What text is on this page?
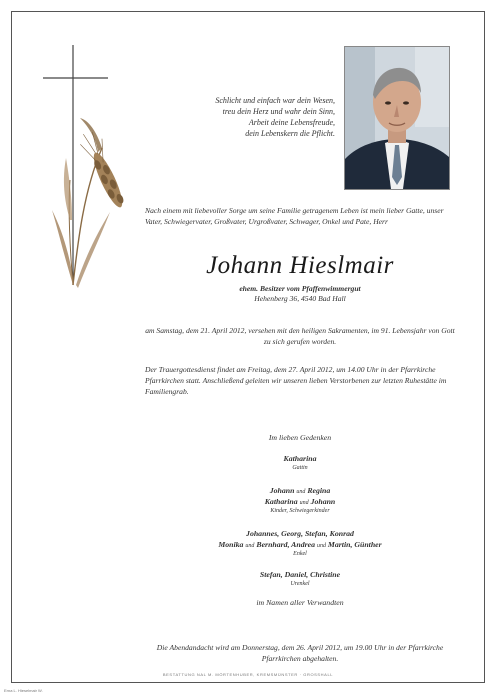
Schlicht und einfach war dein Wesen,
treu dein Herz und wahr dein Sinn,
Arbeit deine Lebensfreude,
dein Lebenskern die Pflicht.
Nach einem mit liebevoller Sorge um seine Familie getragenem Leben ist mein lieber Gatte, unser Vater, Schwiegervater, Großvater, Urgroßvater, Schwager, Onkel und Pate, Herr
Johann Hieslmair
ehem. Besitzer vom Pfaffenwimmergut
Hehenberg 36, 4540 Bad Hall
am Samstag, dem 21. April 2012, versehen mit den heiligen Sakramenten, im 91. Lebensjahr von Gott zu sich gerufen worden.
Der Trauergottesdienst findet am Freitag, dem 27. April 2012, um 14.00 Uhr in der Pfarrkirche Pfarrkirchen statt. Anschließend geleiten wir unseren lieben Verstorbenen zur letzten Ruhestätte im Familiengrab.
Im lieben Gedenken
Katharina
Gattin
Johann und Regina
Katharina und Johann
Kinder, Schwiegerkinder
Johannes, Georg, Stefan, Konrad
Monika und Bernhard, Andrea und Martin, Günther
Enkel
Stefan, Daniel, Christine
Urenkel
im Namen aller Verwandten
Die Abendandacht wird am Donnerstag, dem 26. April 2012, um 19.00 Uhr in der Pfarrkirche Pfarrkirchen abgehalten.
BESTATTUNG NAL M. MÖRTENHUBER, KREMSMÜNSTER · GROSSHALL
Erna L. Hieselmair W.
